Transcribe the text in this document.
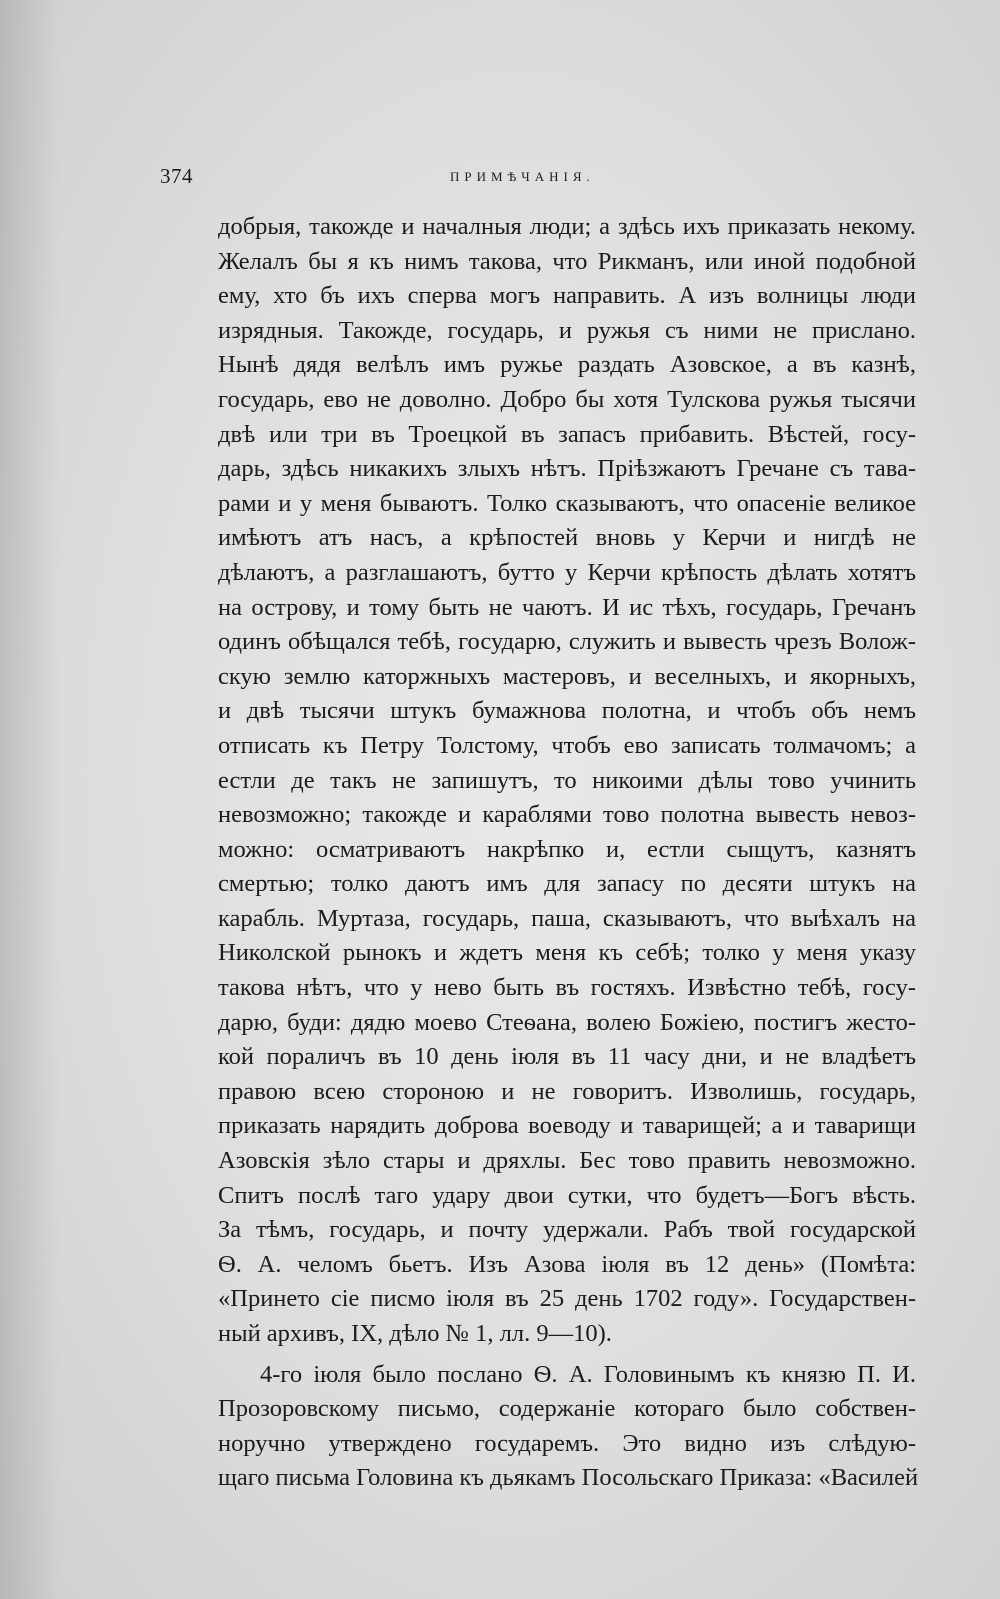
374	ПРИМѢЧАНІЯ.
добрыя, такожде и началныя люди; а здѣсь ихъ приказать некому.
Желалъ бы я къ нимъ такова, что Рикманъ, или иной подобной
ему, хто бъ ихъ сперва могъ направить. А изъ волницы люди
изрядныя. Такожде, государь, и ружья съ ними не прислано.
Нынѣ дядя велѣлъ имъ ружье раздать Азовское, а въ казнѣ,
государь, ево не доволно. Добро бы хотя Тулскова ружья тысячи
двѣ или три въ Троецкой въ запасъ прибавить. Вѣстей, госу-
дарь, здѣсь никакихъ злыхъ нѣтъ. Пріѣзжаютъ Гречане съ тава-
рами и у меня бываютъ. Толко сказываютъ, что опасеніе великое
имѣютъ атъ насъ, а крѣпостей вновь у Керчи и нигдѣ не
дѣлаютъ, а разглашаютъ, бутто у Керчи крѣпость дѣлать хотятъ
на острову, и тому быть не чаютъ. И ис тѣхъ, государь, Гречанъ
одинъ обѣщался тебѣ, государю, служить и вывесть чрезъ Волож-
скую землю каторжныхъ мастеровъ, и веселныхъ, и якорныхъ,
и двѣ тысячи штукъ бумажнова полотна, и чтобъ объ немъ
отписать къ Петру Толстому, чтобъ ево записать толмачомъ; а
естли де такъ не запишутъ, то никоими дѣлы тово учинить
невозможно; такожде и караблями тово полотна вывесть невоз-
можно: осматриваютъ накрѣпко и, естли сыщутъ, казнятъ
смертью; толко даютъ имъ для запасу по десяти штукъ на
карабль. Муртаза, государь, паша, сказываютъ, что выѣхалъ на
Николской рынокъ и ждетъ меня къ себѣ; толко у меня указу
такова нѣтъ, что у нево быть въ гостяхъ. Извѣстно тебѣ, госу-
дарю, буди: дядю моево Стеѳана, волею Божіею, постигъ жесто-
кой пораличъ въ 10 день іюля въ 11 часу дни, и не владѣетъ
правою всею стороною и не говоритъ. Изволишь, государь,
приказать нарядить доброва воеводу и таварищей; а и таварищи
Азовскія зѣло стары и дряхлы. Бес тово править невозможно.
Спитъ послѣ таго удару двои сутки, что будетъ—Богъ вѣсть.
За тѣмъ, государь, и почту удержали. Рабъ твой государской
Ѳ. А. челомъ бьетъ. Изъ Азова іюля въ 12 день» (Помѣта:
«Принето сіе писмо іюля въ 25 день 1702 году». Государствен-
ный архивъ, IX, дѣло № 1, лл. 9—10).
4-го іюля было послано Ѳ. А. Головинымъ къ князю П. И.
Прозоровскому письмо, содержаніе котораго было собствен-
норучно утверждено государемъ. Это видно изъ слѣдую-
щаго письма Головина къ дьякамъ Посольскаго Приказа: «Василей
